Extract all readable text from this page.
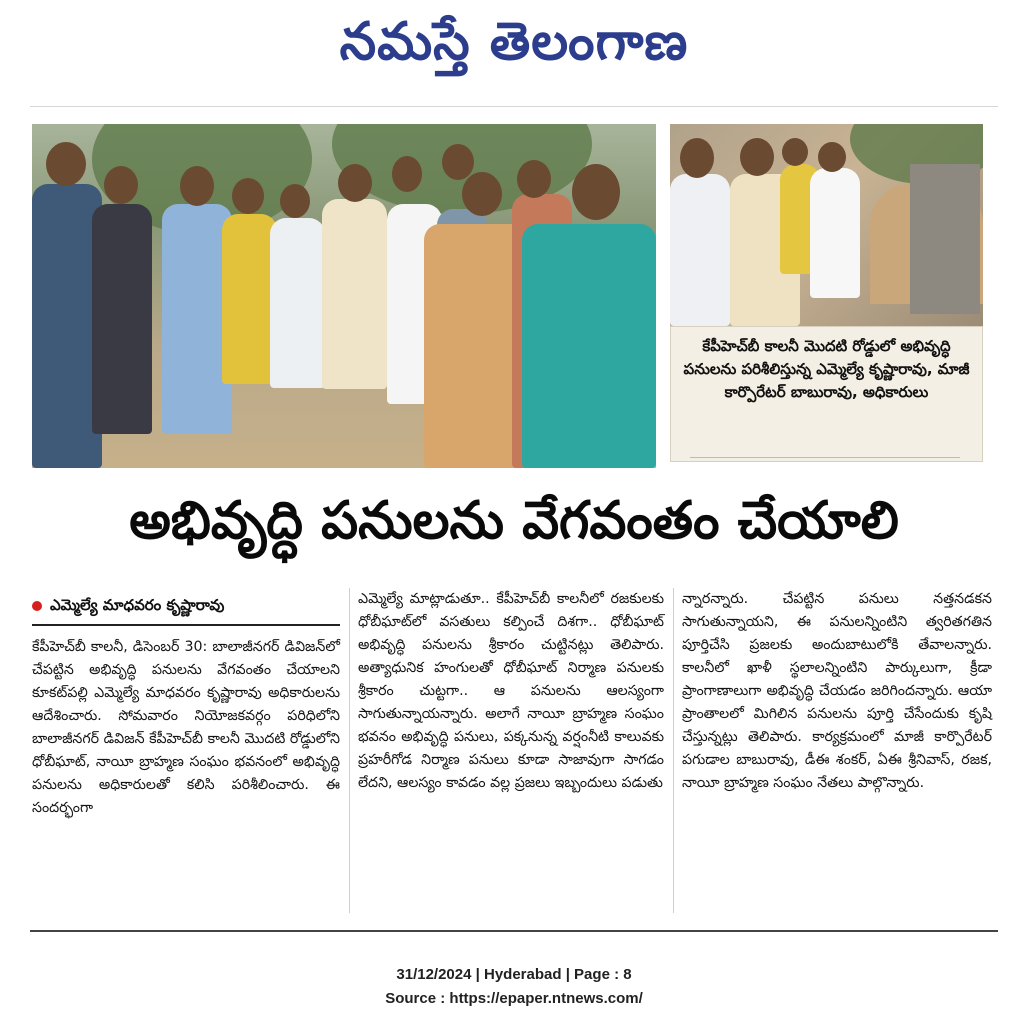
నమస్తే తెలంగాణ
కేపీహెచ్‌బీ కాలనీ మొదటి రోడ్డులో అభివృద్ధి పనులను పరిశీలిస్తున్న ఎమ్మెల్యే కృష్ణారావు, మాజీ కార్పొరేటర్ బాబురావు, అధికారులు
అభివృద్ధి పనులను వేగవంతం చేయాలి
ఎమ్మెల్యే మాధవరం కృష్ణారావు
కేపీహెచ్‌బీ కాలనీ, డిసెంబర్ 30: బాలాజీనగర్ డివిజన్‌లో చేపట్టిన అభివృద్ధి పనులను వేగవంతం చేయాలని కూకట్‌పల్లి ఎమ్మెల్యే మాధవరం కృష్ణారావు అధికారులను ఆదేశించారు. సోమవారం నియోజకవర్గం పరిధిలోని బాలాజీనగర్ డివిజన్ కేపీహెచ్‌బీ కాలనీ మొదటి రోడ్డులోని ధోబీఘాట్, నాయీ బ్రాహ్మణ సంఘం భవనంలో అభివృద్ధి పనులను అధికారులతో కలిసి పరిశీలించారు. ఈ సందర్భంగా
ఎమ్మెల్యే మాట్లాడుతూ.. కేపీహెచ్‌బీ కాలనీలో రజకులకు ధోబీఘాట్‌లో వసతులు కల్పించే దిశగా.. ధోబీఘాట్ అభివృద్ధి పనులను శ్రీకారం చుట్టినట్లు తెలిపారు. అత్యాధునిక హంగులతో ధోబీఘాట్ నిర్మాణ పనులకు శ్రీకారం చుట్టగా.. ఆ పనులను ఆలస్యంగా సాగుతున్నాయన్నారు. అలాగే నాయీ బ్రాహ్మణ సంఘం భవనం అభివృద్ధి పనులు, పక్కనున్న వర్షంనీటి కాలువకు ప్రహరీగోడ నిర్మాణ పనులు కూడా సాజావుగా సాగడం లేదని, ఆలస్యం కావడం వల్ల ప్రజలు ఇబ్బందులు పడుతు
న్నారన్నారు. చేపట్టిన పనులు నత్తనడకన సాగుతున్నాయని, ఈ పనులన్నింటిని త్వరితగతిన పూర్తిచేసి ప్రజలకు అందుబాటులోకి తేవాలన్నారు. కాలనీలో ఖాళీ స్థలాలన్నింటిని పార్కులుగా, క్రీడా ప్రాంగాణాలుగా అభివృద్ధి చేయడం జరిగిందన్నారు. ఆయా ప్రాంతాలలో మిగిలిన పనులను పూర్తి చేసేందుకు కృషి చేస్తున్నట్లు తెలిపారు. కార్యక్రమంలో మాజీ కార్పొరేటర్ పగుడాల బాబురావు, డీఈ శంకర్, ఏఈ శ్రీనివాస్, రజక, నాయీ బ్రాహ్మణ సంఘం నేతలు పాల్గొన్నారు.
31/12/2024 | Hyderabad | Page : 8
Source : https://epaper.ntnews.com/
